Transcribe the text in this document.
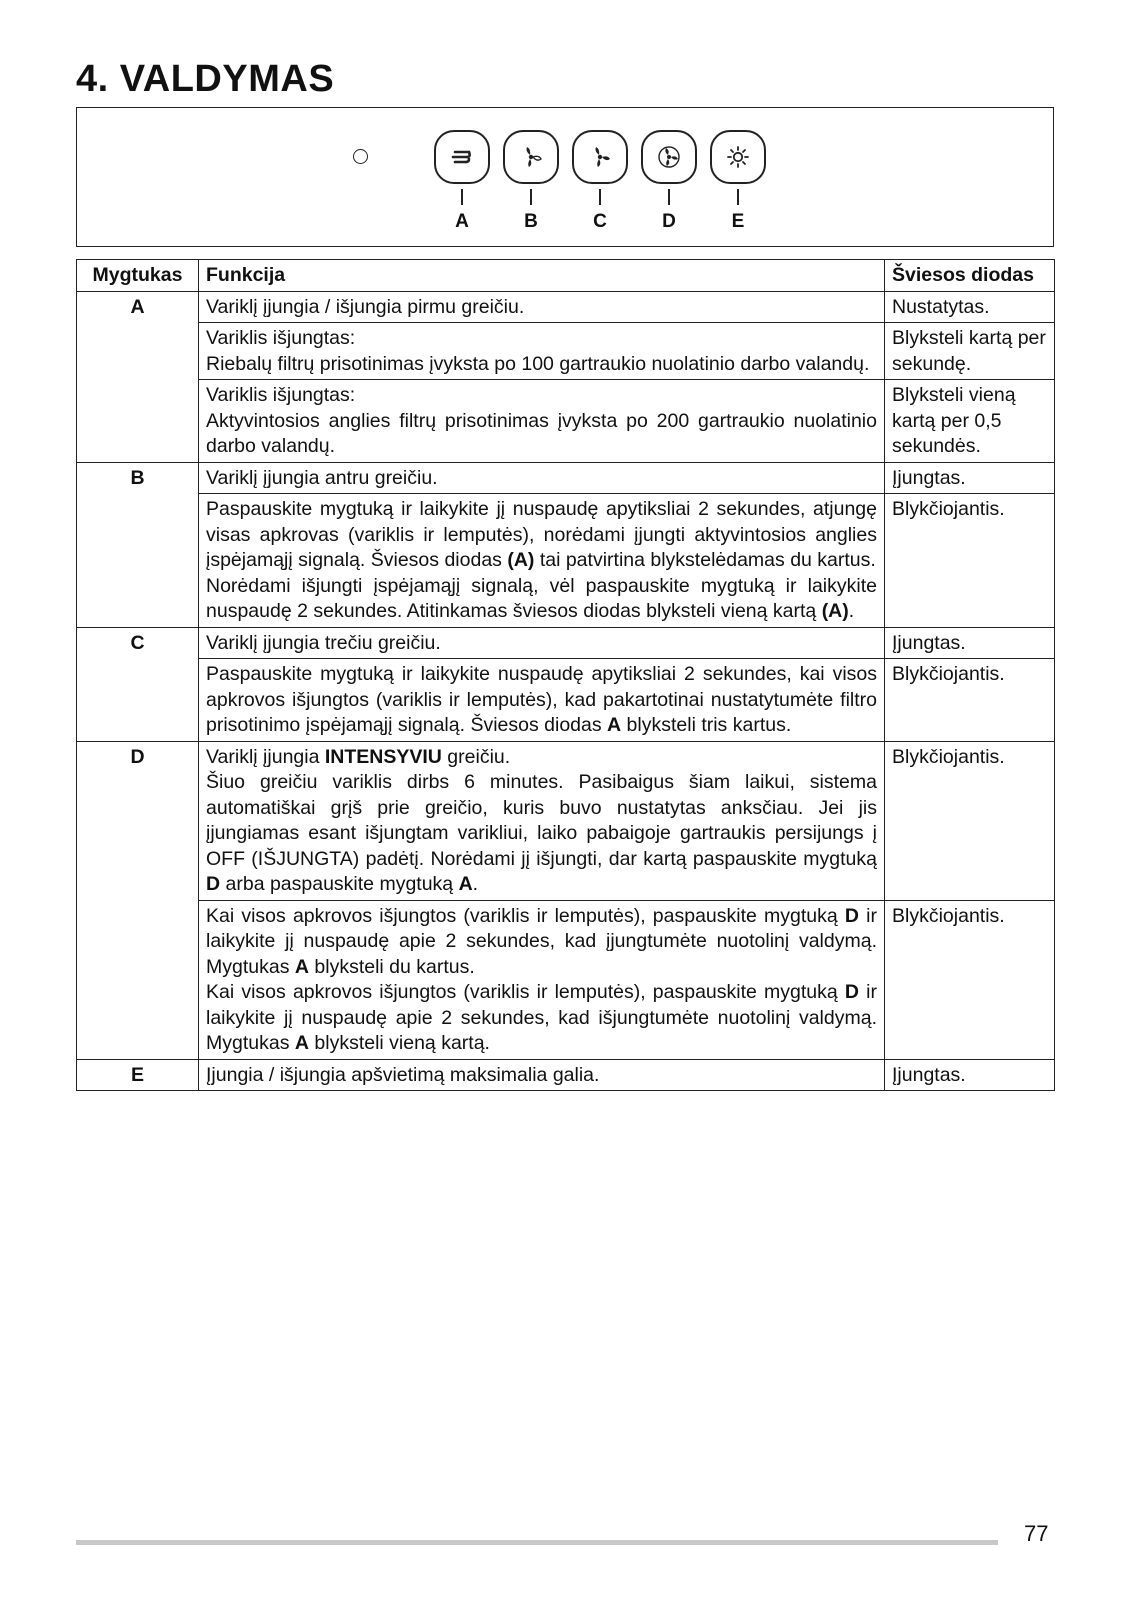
4. VALDYMAS
A	B	C	D	E
Mygtukas	Funkcija	Šviesos diodas
A	Variklį įjungia / išjungia pirmu greičiu.	Nustatytas.

	Variklis išjungtas:
Riebalų filtrų prisotinimas įvyksta po 100 gartraukio nuolatinio darbo valandų.	Blyksteli kartą per sekundę.

	Variklis išjungtas:
Aktyvintosios anglies filtrų prisotinimas įvyksta po 200 gartraukio nuolatinio darbo valandų.	Blyksteli vieną kartą per 0,5 sekundės.
B	Variklį įjungia antru greičiu.	Įjungtas.

	Paspauskite mygtuką ir laikykite jį nuspaudę apytiksliai 2 sekundes, atjungę visas apkrovas (variklis ir lemputės), norėdami įjungti aktyvintosios anglies įspėjamąjį signalą. Šviesos diodas (A) tai patvirtina blykstelėdamas du kartus.
Norėdami išjungti įspėjamąjį signalą, vėl paspauskite mygtuką ir laikykite nuspaudę 2 sekundes. Atitinkamas šviesos diodas blyksteli vieną kartą (A).	Blykčiojantis.
C	Variklį įjungia trečiu greičiu.	Įjungtas.

	Paspauskite mygtuką ir laikykite nuspaudę apytiksliai 2 sekundes, kai visos apkrovos išjungtos (variklis ir lemputės), kad pakartotinai nustatytumėte filtro prisotinimo įspėjamąjį signalą. Šviesos diodas A blyksteli tris kartus.	Blykčiojantis.
D	Variklį įjungia INTENSYVIU greičiu.
Šiuo greičiu variklis dirbs 6 minutes. Pasibaigus šiam laikui, sistema automatiškai grįš prie greičio, kuris buvo nustatytas anksčiau. Jei jis įjungiamas esant išjungtam varikliui, laiko pabaigoje gartraukis persijungs į OFF (IŠJUNGTA) padėtį. Norėdami jį išjungti, dar kartą paspauskite mygtuką D arba paspauskite mygtuką A.	Blykčiojantis.

	Kai visos apkrovos išjungtos (variklis ir lemputės), paspauskite mygtuką D ir laikykite jį nuspaudę apie 2 sekundes, kad įjungtumėte nuotolinį valdymą. Mygtukas A blyksteli du kartus.
Kai visos apkrovos išjungtos (variklis ir lemputės), paspauskite mygtuką D ir laikykite jį nuspaudę apie 2 sekundes, kad išjungtumėte nuotolinį valdymą. Mygtukas A blyksteli vieną kartą.	Blykčiojantis.
E	Įjungia / išjungia apšvietimą maksimalia galia.	Įjungtas.
77
